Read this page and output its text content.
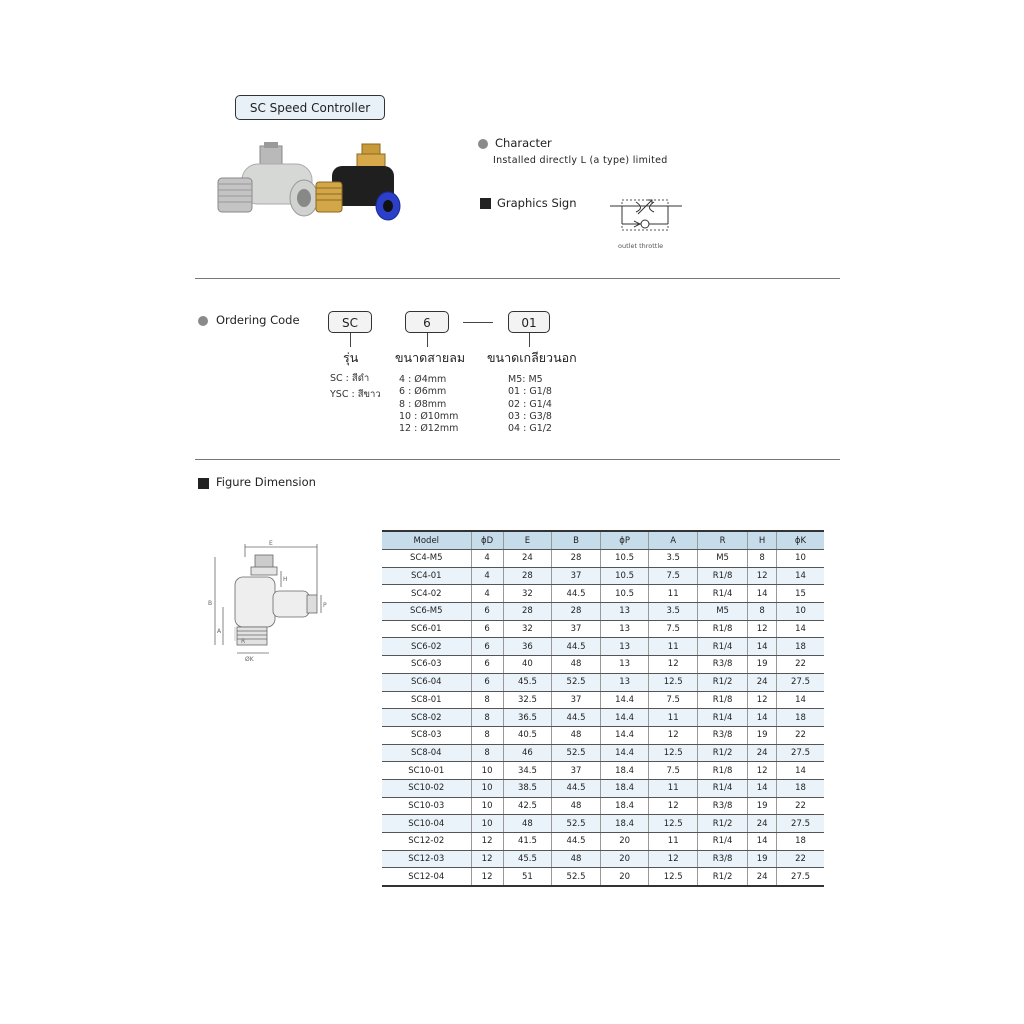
SC Speed Controller
Character
Installed directly L (a type) limited
Graphics Sign
outlet throttle
Ordering Code	SC	6	01
รุ่น	ขนาดสายลม ขนาดเกลียวนอก
SC : สีดำ
YSC : สีขาว
4 : Ø4mm
6 : Ø6mm
8 : Ø8mm
10 : Ø10mm
12 : Ø12mm
M5: M5
01 : G1/8
02 : G1/4
03 : G3/8
04 : G1/2
Figure Dimension
E
B
A
H
P
ØK
R
Model	ϕD	E	B	ϕP	A	R	H	ϕK
SC4-M5	4	24	28	10.5	3.5	M5	8	10
SC4-01	4	28	37	10.5	7.5	R1/8	12	14
SC4-02	4	32	44.5	10.5	11	R1/4	14	15
SC6-M5	6	28	28	13	3.5	M5	8	10
SC6-01	6	32	37	13	7.5	R1/8	12	14
SC6-02	6	36	44.5	13	11	R1/4	14	18
SC6-03	6	40	48	13	12	R3/8	19	22
SC6-04	6	45.5	52.5	13	12.5	R1/2	24	27.5
SC8-01	8	32.5	37	14.4	7.5	R1/8	12	14
SC8-02	8	36.5	44.5	14.4	11	R1/4	14	18
SC8-03	8	40.5	48	14.4	12	R3/8	19	22
SC8-04	8	46	52.5	14.4	12.5	R1/2	24	27.5
SC10-01	10	34.5	37	18.4	7.5	R1/8	12	14
SC10-02	10	38.5	44.5	18.4	11	R1/4	14	18
SC10-03	10	42.5	48	18.4	12	R3/8	19	22
SC10-04	10	48	52.5	18.4	12.5	R1/2	24	27.5
SC12-02	12	41.5	44.5	20	11	R1/4	14	18
SC12-03	12	45.5	48	20	12	R3/8	19	22
SC12-04	12	51	52.5	20	12.5	R1/2	24	27.5
